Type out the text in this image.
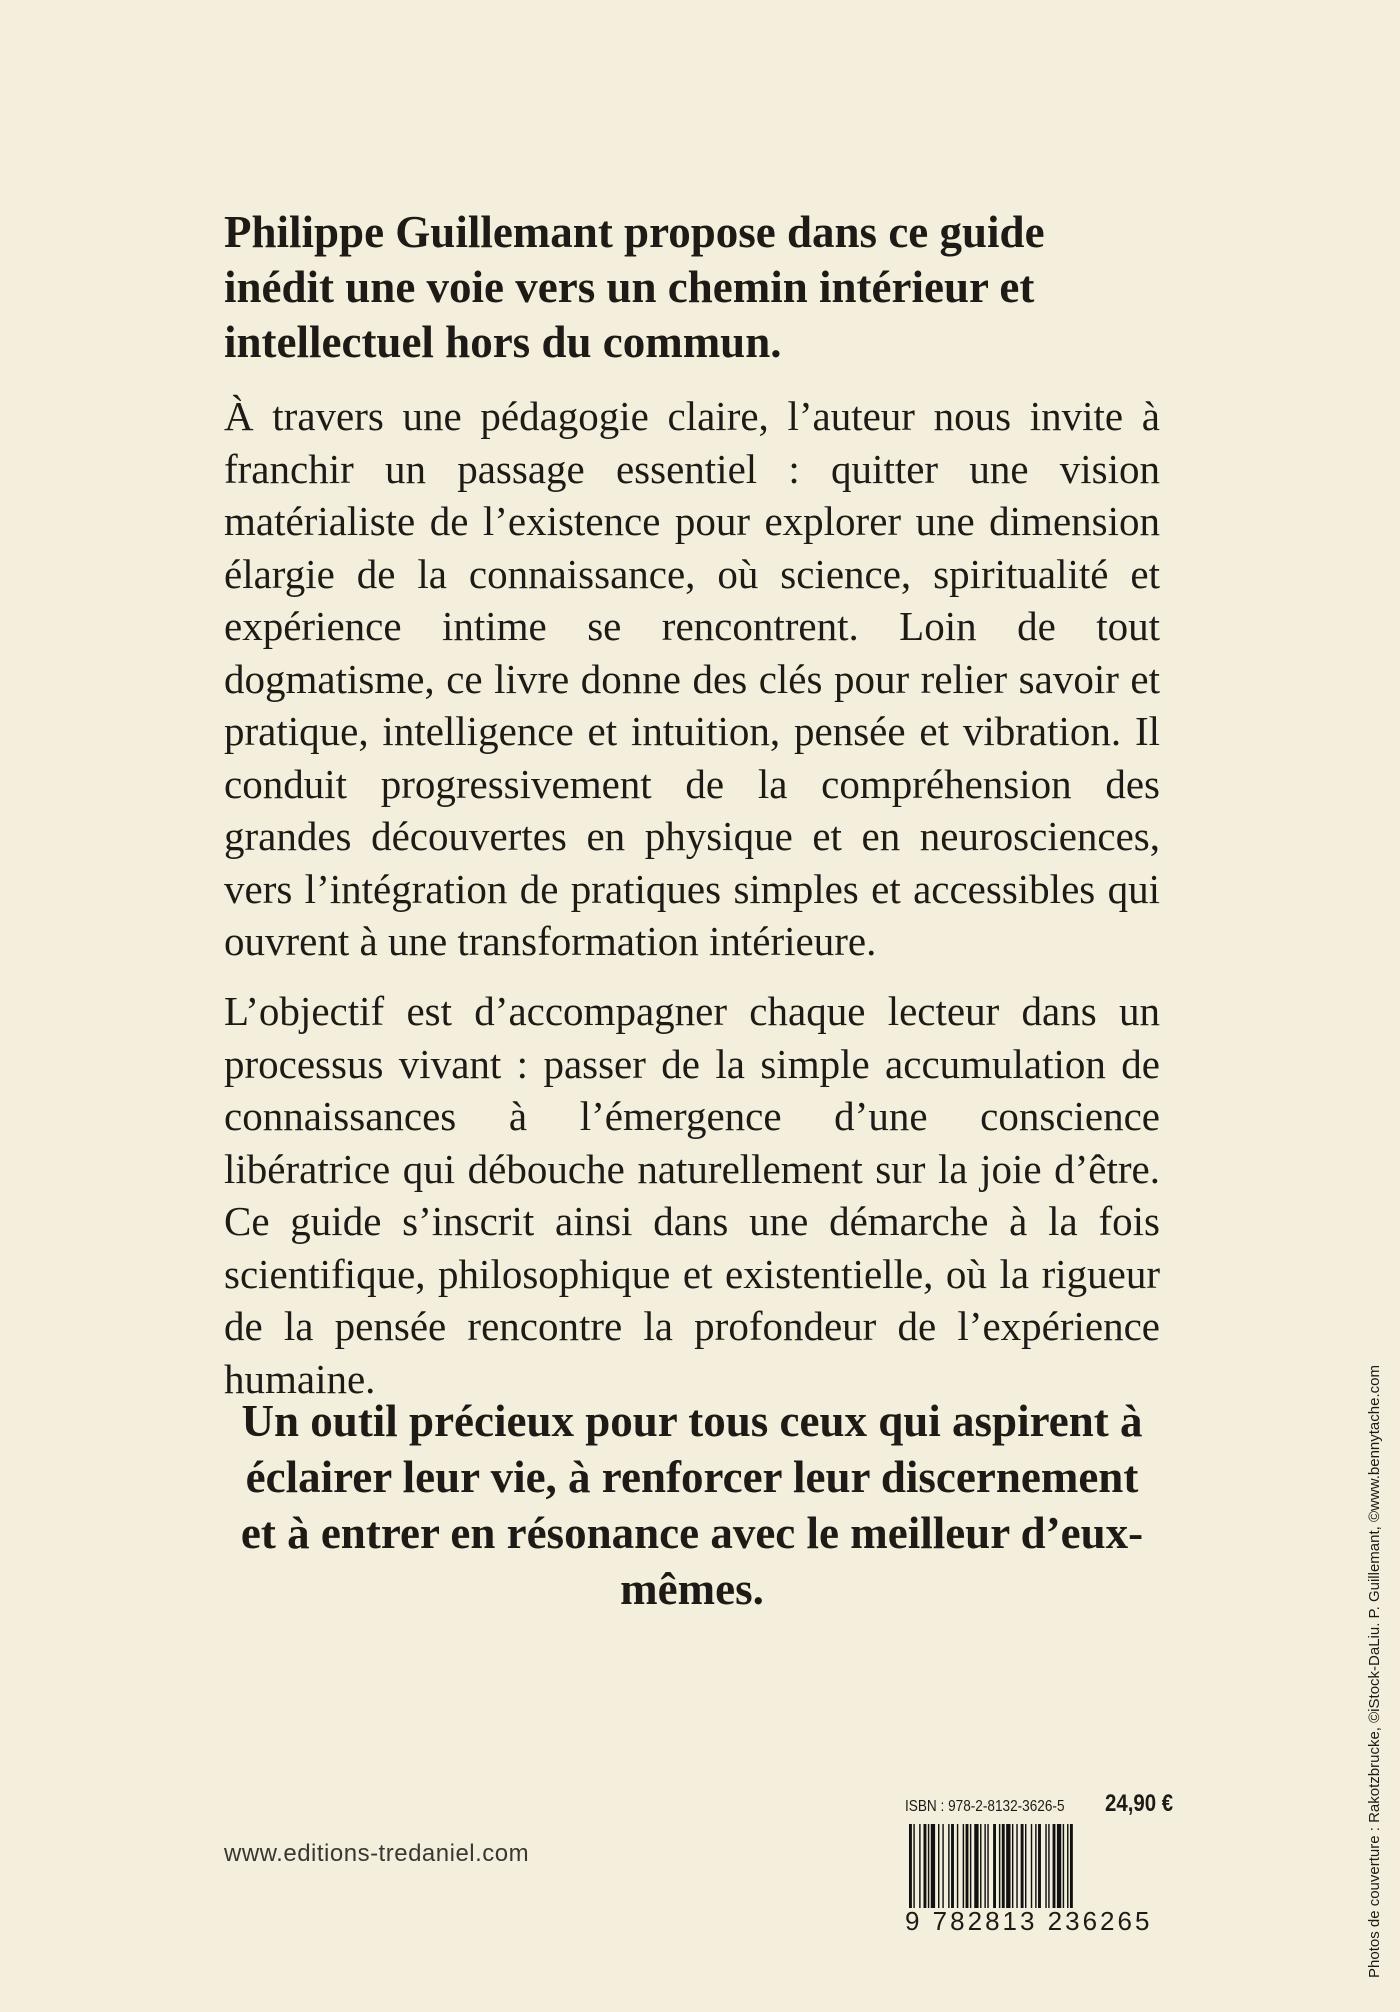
Philippe Guillemant propose dans ce guide inédit une voie vers un chemin intérieur et intellectuel hors du commun.

À travers une pédagogie claire, l’auteur nous invite à franchir un passage essentiel : quitter une vision matérialiste de l’existence pour explorer une dimension élargie de la connaissance, où science, spiritualité et expérience intime se rencontrent. Loin de tout dogmatisme, ce livre donne des clés pour relier savoir et pratique, intelligence et intuition, pensée et vibration. Il conduit progressivement de la compréhension des grandes découvertes en physique et en neurosciences, vers l’intégration de pratiques simples et accessibles qui ouvrent à une transformation intérieure.

L’objectif est d’accompagner chaque lecteur dans un processus vivant : passer de la simple accumulation de connaissances à l’émergence d’une conscience libératrice qui débouche naturellement sur la joie d’être. Ce guide s’inscrit ainsi dans une démarche à la fois scientifique, philosophique et existentielle, où la rigueur de la pensée rencontre la profondeur de l’expérience humaine.

Un outil précieux pour tous ceux qui aspirent à éclairer leur vie, à renforcer leur discernement et à entrer en résonance avec le meilleur d’eux-mêmes.

www.editions-tredaniel.com
ISBN : 978-2-8132-3626-5 24,90 €
9 782813 236265	Photos de couverture : Rakotzbrucke, ©iStock-DaLiu. P. Guillemant, ©www.bennytache.com
